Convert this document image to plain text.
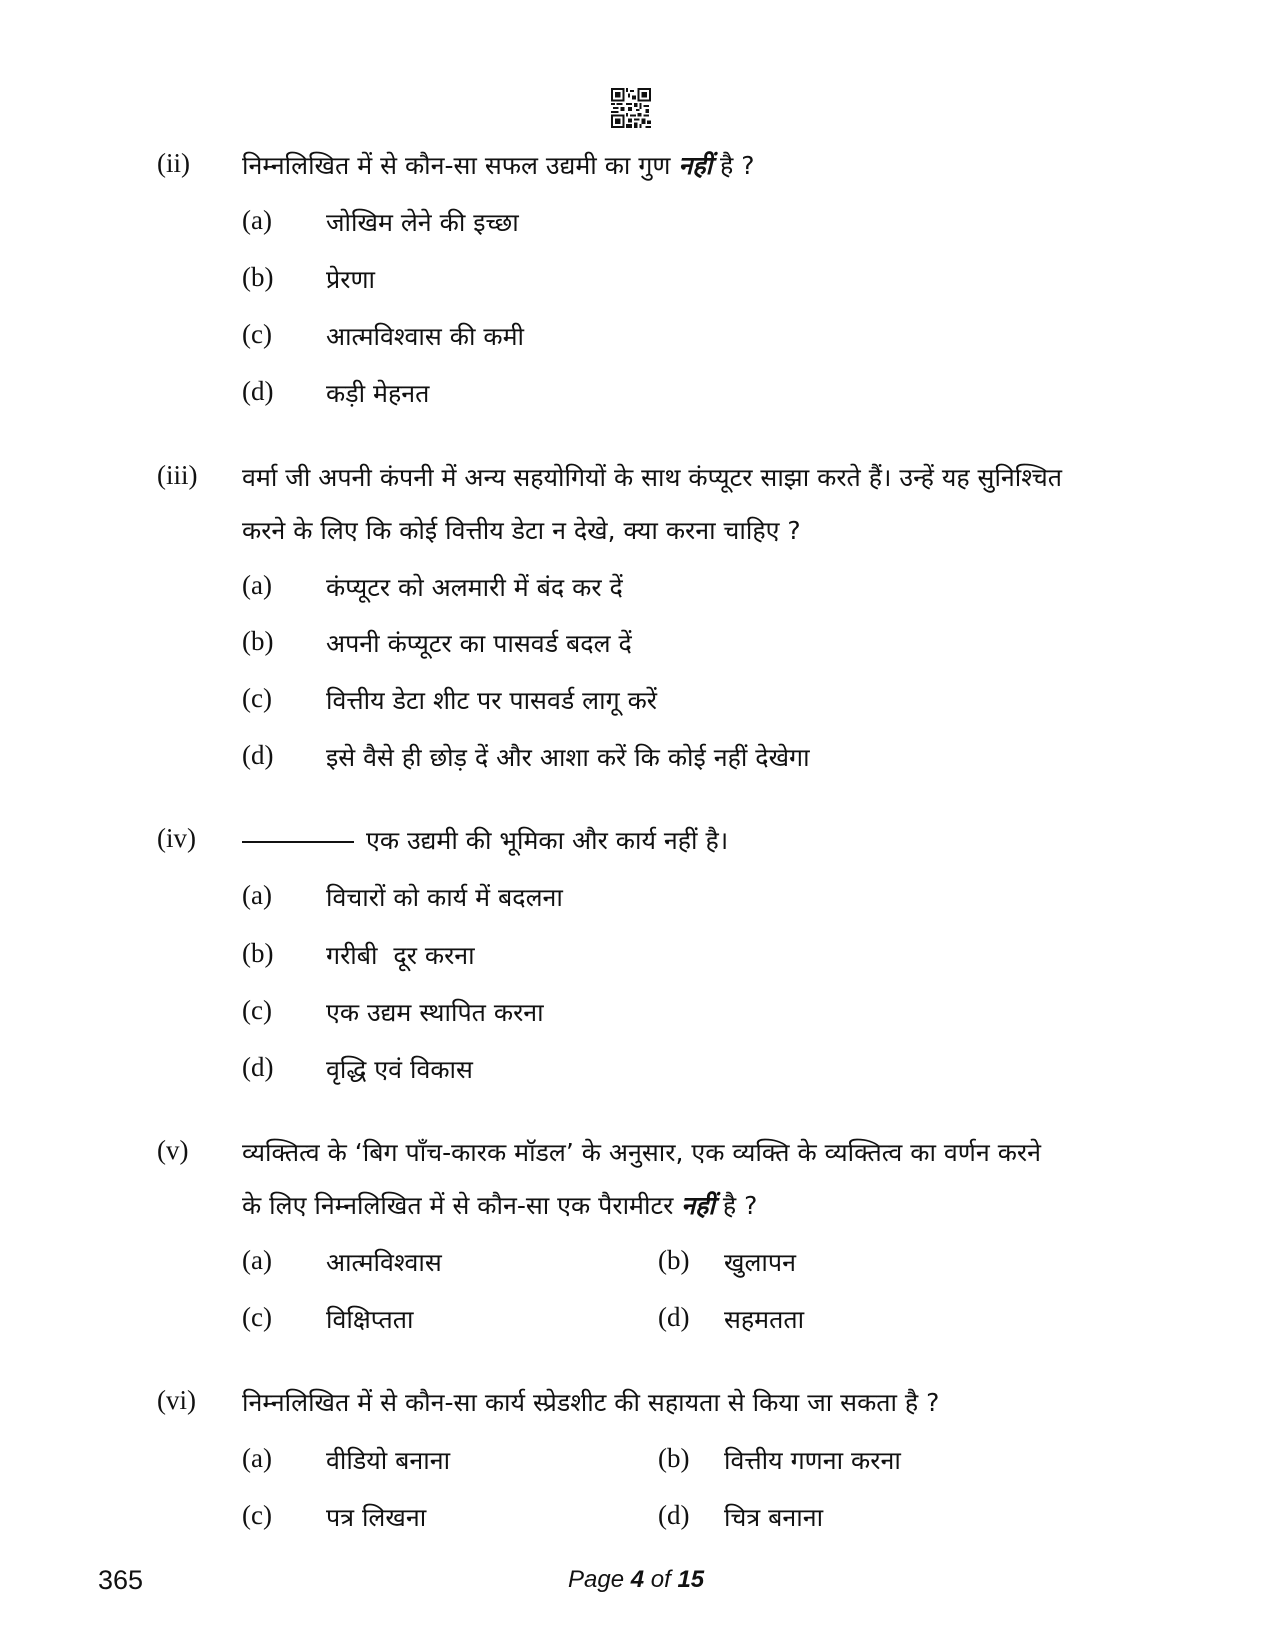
(ii) निम्नलिखित में से कौन-सा सफल उद्यमी का गुण नहीं है ?
(a) जोखिम लेने की इच्छा
(b) प्रेरणा
(c) आत्मविश्वास की कमी
(d) कड़ी मेहनत
(iii) वर्मा जी अपनी कंपनी में अन्य सहयोगियों के साथ कंप्यूटर साझा करते हैं। उन्हें यह सुनिश्चित
करने के लिए कि कोई वित्तीय डेटा न देखे, क्या करना चाहिए ?
(a) कंप्यूटर को अलमारी में बंद कर दें
(b) अपनी कंप्यूटर का पासवर्ड बदल दें
(c) वित्तीय डेटा शीट पर पासवर्ड लागू करें
(d) इसे वैसे ही छोड़ दें और आशा करें कि कोई नहीं देखेगा
(iv)	एक उद्यमी की भूमिका और कार्य नहीं है।
(a) विचारों को कार्य में बदलना
(b) गरीबी  दूर करना
(c) एक उद्यम स्थापित करना
(d) वृद्धि एवं विकास
(v) व्यक्तित्व के ‘बिग पाँच-कारक मॉडल’ के अनुसार, एक व्यक्ति के व्यक्तित्व का वर्णन करने
के लिए निम्नलिखित में से कौन-सा एक पैरामीटर नहीं है ?
(a) आत्मविश्वास	(b) खुलापन
(c) विक्षिप्तता	(d) सहमतता
(vi) निम्नलिखित में से कौन-सा कार्य स्प्रेडशीट की सहायता से किया जा सकता है ?
(a) वीडियो बनाना	(b) वित्तीय गणना करना
(c) पत्र लिखना	(d) चित्र बनाना
365	Page 4 of 15
